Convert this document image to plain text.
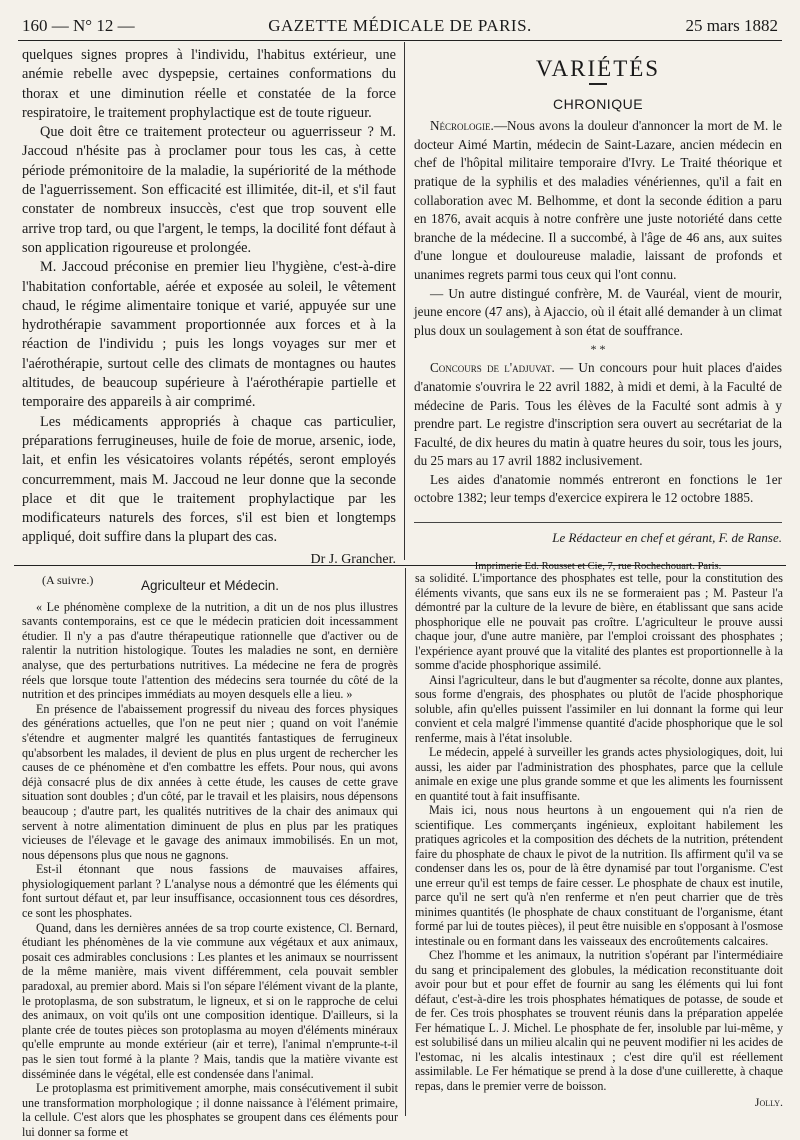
160 — N° 12 —	GAZETTE MÉDICALE DE PARIS.	25 mars 1882

quelques signes propres à l'individu, l'habitus extérieur, une anémie rebelle avec dyspepsie, certaines conformations du thorax et une diminution réelle et constatée de la force respiratoire, le traitement prophylactique est de toute rigueur.

Que doit être ce traitement protecteur ou aguerrisseur ? M. Jaccoud n'hésite pas à proclamer pour tous les cas, à cette période prémonitoire de la maladie, la supériorité de la méthode de l'aguerrissement. Son efficacité est illimitée, dit-il, et s'il faut constater de nombreux insuccès, c'est que trop souvent elle arrive trop tard, ou que l'argent, le temps, la docilité font défaut à son application rigoureuse et prolongée.

M. Jaccoud préconise en premier lieu l'hygiène, c'est-à-dire l'habitation confortable, aérée et exposée au soleil, le vêtement chaud, le régime alimentaire tonique et varié, appuyée sur une hydrothérapie savamment proportionnée aux forces et à la réaction de l'individu ; puis les longs voyages sur mer et l'aérothérapie, surtout celle des climats de montagnes ou hautes altitudes, de beaucoup supérieure à l'aérothérapie partielle et temporaire des appareils à air comprimé.

Les médicaments appropriés à chaque cas particulier, préparations ferrugineuses, huile de foie de morue, arsenic, iode, lait, et enfin les vésicatoires volants répétés, seront employés concurremment, mais M. Jaccoud ne leur donne que la seconde place et dit que le traitement prophylactique par les modificateurs naturels des forces, s'il est bien et longtemps appliqué, doit suffire dans la plupart des cas.

Dr J. Grancher.
(A suivre.)
VARIÉTÉS
CHRONIQUE

Nécrologie.—Nous avons la douleur d'annoncer la mort de M. le docteur Aimé Martin, médecin de Saint-Lazare, ancien médecin en chef de l'hôpital militaire temporaire d'Ivry. Le Traité théorique et pratique de la syphilis et des maladies vénériennes, qu'il a fait en collaboration avec M. Belhomme, et dont la seconde édition a paru en 1876, avait acquis à notre confrère une juste notoriété dans cette branche de la médecine. Il a succombé, à l'âge de 46 ans, aux suites d'une longue et douloureuse maladie, laissant de profonds et unanimes regrets parmi tous ceux qui l'ont connu.

— Un autre distingué confrère, M. de Vauréal, vient de mourir, jeune encore (47 ans), à Ajaccio, où il était allé demander à un climat plus doux un soulagement à son état de souffrance.

* *

Concours de l'adjuvat. — Un concours pour huit places d'aides d'anatomie s'ouvrira le 22 avril 1882, à midi et demi, à la Faculté de médecine de Paris. Tous les élèves de la Faculté sont admis à y prendre part. Le registre d'inscription sera ouvert au secrétariat de la Faculté, de dix heures du matin à quatre heures du soir, tous les jours, du 25 mars au 17 avril 1882 inclusivement.

Les aides d'anatomie nommés entreront en fonctions le 1er octobre 1382; leur temps d'exercice expirera le 12 octobre 1885.

Le Rédacteur en chef et gérant, F. de Ranse.
Imprimerie Ed. Rousset et Cie, 7, rue Rochechouart. Paris.
Agriculteur et Médecin.

« Le phénomène complexe de la nutrition, a dit un de nos plus illustres savants contemporains, est ce que le médecin praticien doit incessamment étudier. Il n'y a pas d'autre thérapeutique rationnelle que d'activer ou de ralentir la nutrition histologique. Toutes les maladies ne sont, en dernière analyse, que des perturbations nutritives. La médecine ne fera de progrès réels que lorsque toute l'attention des médecins sera tournée du côté de la nutrition et des principes immédiats au moyen desquels elle a lieu. »

En présence de l'abaissement progressif du niveau des forces physiques des générations actuelles, que l'on ne peut nier ; quand on voit l'anémie s'étendre et augmenter malgré les quantités fantastiques de ferrugineux qu'absorbent les malades, il devient de plus en plus urgent de rechercher les causes de ce phénomène et d'en combattre les effets. Pour nous, qui avons déjà consacré plus de dix années à cette étude, les causes de cette grave situation sont doubles ; d'un côté, par le travail et les plaisirs, nous dépensons beaucoup ; d'autre part, les qualités nutritives de la chair des animaux qui servent à notre alimentation diminuent de plus en plus par les pratiques vicieuses de l'élevage et le gavage des animaux immobilisés. En un mot, nous dépensons plus que nous ne gagnons.

Est-il étonnant que nous fassions de mauvaises affaires, physiologiquement parlant ? L'analyse nous a démontré que les éléments qui font surtout défaut et, par leur insuffisance, occasionnent tous ces désordres, ce sont les phosphates.

Quand, dans les dernières années de sa trop courte existence, Cl. Bernard, étudiant les phénomènes de la vie commune aux végétaux et aux animaux, posait ces admirables conclusions : Les plantes et les animaux se nourrissent de la même manière, mais vivent différemment, cela pouvait sembler paradoxal, au premier abord. Mais si l'on sépare l'élément vivant de la plante, le protoplasma, de son substratum, le ligneux, et si on le rapproche de celui des animaux, on voit qu'ils ont une composition identique. D'ailleurs, si la plante crée de toutes pièces son protoplasma au moyen d'éléments minéraux qu'elle emprunte au monde extérieur (air et terre), l'animal n'emprunte-t-il pas le sien tout formé à la plante ? Mais, tandis que la matière vivante est disséminée dans le végétal, elle est condensée dans l'animal.

Le protoplasma est primitivement amorphe, mais consécutivement il subit une transformation morphologique ; il donne naissance à l'élément primaire, la cellule. C'est alors que les phosphates se groupent dans ces éléments pour lui donner sa forme et

sa solidité. L'importance des phosphates est telle, pour la constitution des éléments vivants, que sans eux ils ne se formeraient pas ; M. Pasteur l'a démontré par la culture de la levure de bière, en établissant que sans acide phosphorique elle ne pouvait pas croître. L'agriculteur le prouve aussi chaque jour, d'une autre manière, par l'emploi croissant des phosphates ; l'expérience ayant prouvé que la vitalité des plantes est proportionnelle à la somme d'acide phosphorique assimilé.

Ainsi l'agriculteur, dans le but d'augmenter sa récolte, donne aux plantes, sous forme d'engrais, des phosphates ou plutôt de l'acide phosphorique soluble, afin qu'elles puissent l'assimiler en lui donnant la forme qui leur convient et cela malgré l'immense quantité d'acide phosphorique que le sol renferme, mais à l'état insoluble.

Le médecin, appelé à surveiller les grands actes physiologiques, doit, lui aussi, les aider par l'administration des phosphates, parce que la cellule animale en exige une plus grande somme et que les aliments les fournissent en quantité tout à fait insuffisante.

Mais ici, nous nous heurtons à un engouement qui n'a rien de scientifique. Les commerçants ingénieux, exploitant habilement les pratiques agricoles et la composition des déchets de la nutrition, prétendent faire du phosphate de chaux le pivot de la nutrition. Ils affirment qu'il va se condenser dans les os, pour de là être dynamisé par tout l'organisme. C'est une erreur qu'il est temps de faire cesser. Le phosphate de chaux est inutile, parce qu'il ne sert qu'à n'en renferme et n'en peut charrier que de très minimes quantités (le phosphate de chaux constituant de l'organisme, étant formé par lui de toutes pièces), il peut être nuisible en s'opposant à l'osmose intestinale ou en formant dans les vaisseaux des encroûtements calcaires.

Chez l'homme et les animaux, la nutrition s'opérant par l'intermédiaire du sang et principalement des globules, la médication reconstituante doit avoir pour but et pour effet de fournir au sang les éléments qui lui font défaut, c'est-à-dire les trois phosphates hématiques de potasse, de soude et de fer. Ces trois phosphates se trouvent réunis dans la préparation appelée Fer hématique L. J. Michel. Le phosphate de fer, insoluble par lui-même, y est solubilisé dans un milieu alcalin qui ne peuvent modifier ni les acides de l'estomac, ni les alcalis intestinaux ; c'est dire qu'il est réellement assimilable. Le Fer hématique se prend à la dose d'une cuillerette, à chaque repas, dans le premier verre de boisson.

Jolly.
